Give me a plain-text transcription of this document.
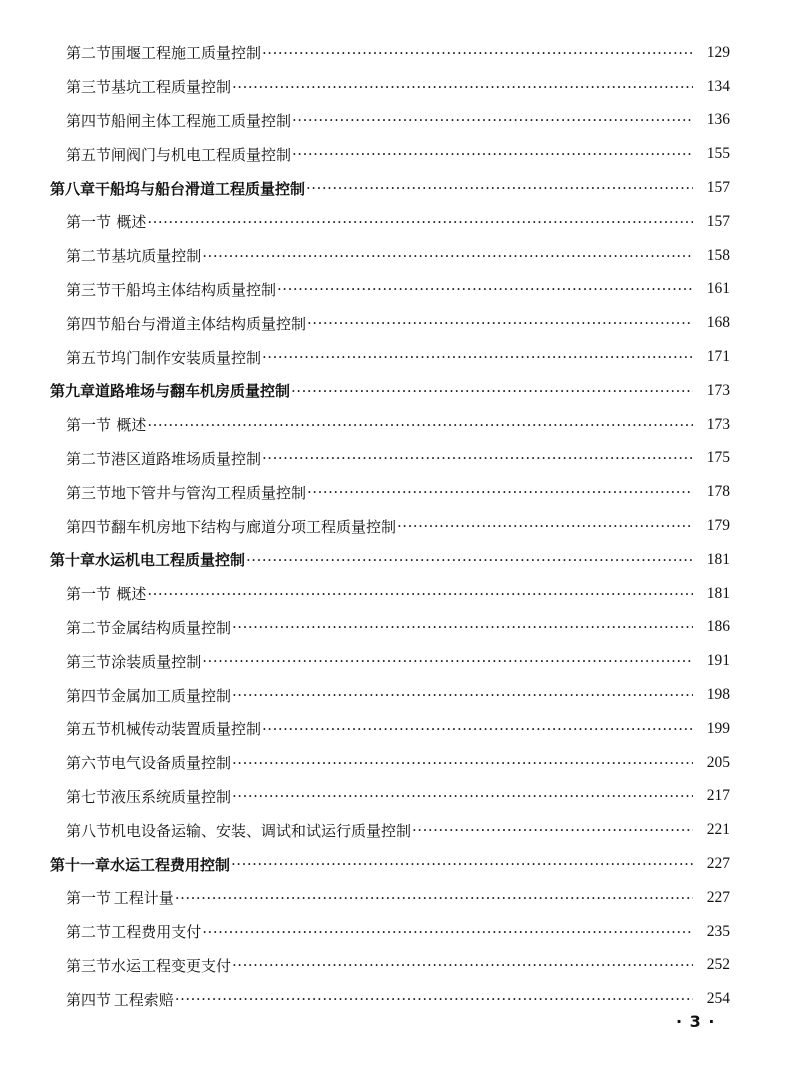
第二节 围堰工程施工质量控制 ·····	129
第三节 基坑工程质量控制 ·····	134
第四节 船闸主体工程施工质量控制 ·····	136
第五节 闸阀门与机电工程质量控制 ·····	155
第八章 干船坞与船台滑道工程质量控制 ·····	157
第一节 概述 ·····	157
第二节 基坑质量控制 ·····	158
第三节 干船坞主体结构质量控制 ·····	161
第四节 船台与滑道主体结构质量控制 ·····	168
第五节 坞门制作安装质量控制 ·····	171
第九章 道路堆场与翻车机房质量控制 ·····	173
第一节 概述 ·····	173
第二节 港区道路堆场质量控制 ·····	175
第三节 地下管井与管沟工程质量控制 ·····	178
第四节 翻车机房地下结构与廊道分项工程质量控制 ·····	179
第十章 水运机电工程质量控制 ·····	181
第一节 概述 ·····	181
第二节 金属结构质量控制 ·····	186
第三节 涂装质量控制 ·····	191
第四节 金属加工质量控制 ·····	198
第五节 机械传动装置质量控制 ·····	199
第六节 电气设备质量控制 ·····	205
第七节 液压系统质量控制 ·····	217
第八节 机电设备运输、安装、调试和试运行质量控制 ·····	221
第十一章 水运工程费用控制 ·····	227
第一节 工程计量 ·····	227
第二节 工程费用支付 ·····	235
第三节 水运工程变更支付 ·····	252
第四节 工程索赔 ·····	254
· 3 ·
